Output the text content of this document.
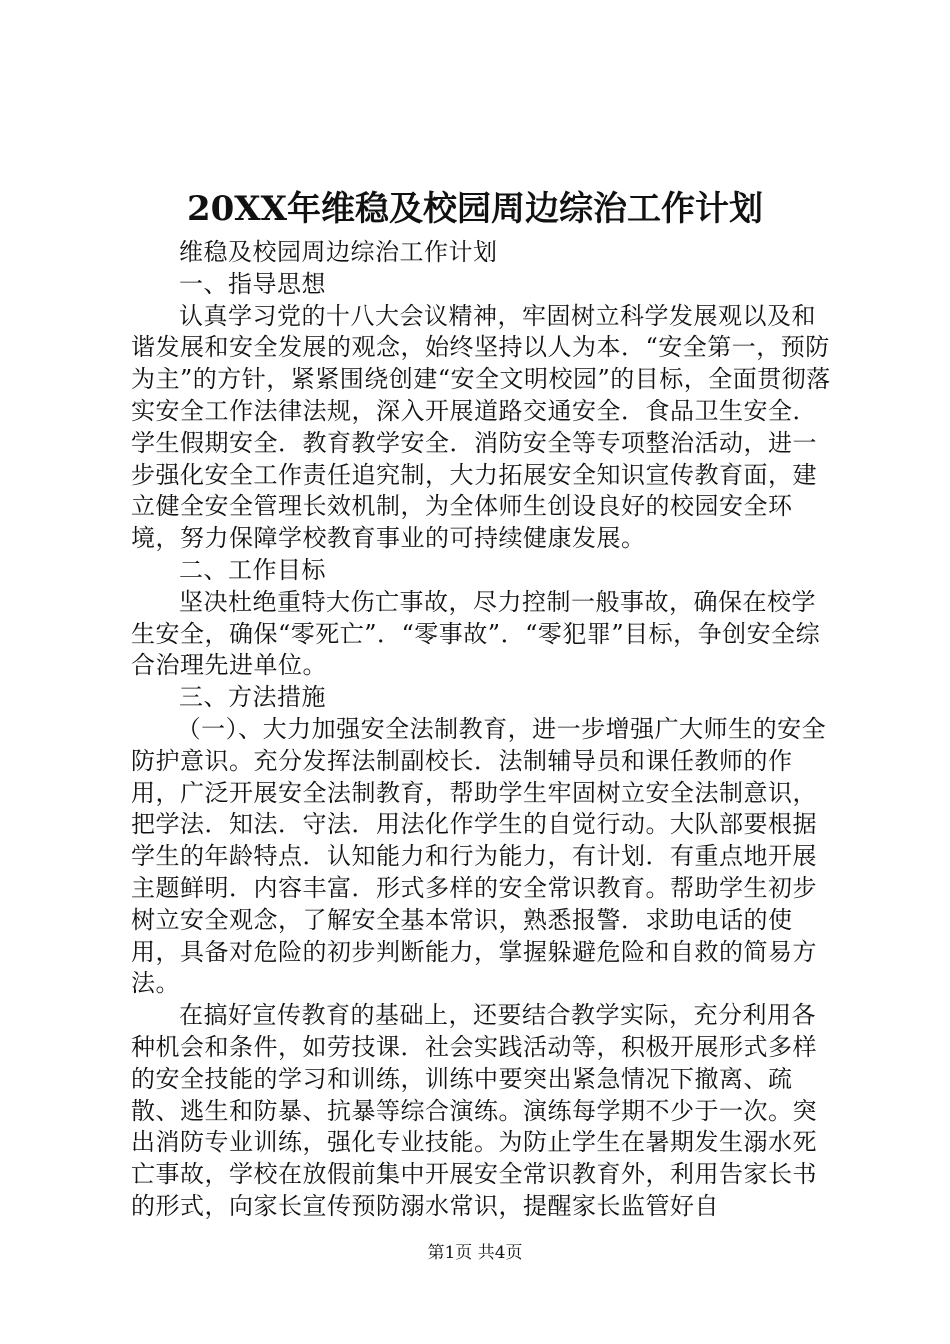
20XX年维稳及校园周边综治工作计划

维稳及校园周边综治工作计划

一、指导思想

认真学习党的十八大会议精神，牢固树立科学发展观以及和谐发展和安全发展的观念，始终坚持以人为本．“安全第一，预防为主”的方针，紧紧围绕创建“安全文明校园”的目标，全面贯彻落实安全工作法律法规，深入开展道路交通安全．食品卫生安全．学生假期安全．教育教学安全．消防安全等专项整治活动，进一步强化安全工作责任追究制，大力拓展安全知识宣传教育面，建立健全安全管理长效机制，为全体师生创设良好的校园安全环境，努力保障学校教育事业的可持续健康发展。

二、工作目标

坚决杜绝重特大伤亡事故，尽力控制一般事故，确保在校学生安全，确保“零死亡”．“零事故”．“零犯罪”目标，争创安全综合治理先进单位。

三、方法措施

（一）、大力加强安全法制教育，进一步增强广大师生的安全防护意识。充分发挥法制副校长．法制辅导员和课任教师的作用，广泛开展安全法制教育，帮助学生牢固树立安全法制意识，把学法．知法．守法．用法化作学生的自觉行动。大队部要根据学生的年龄特点．认知能力和行为能力，有计划．有重点地开展主题鲜明．内容丰富．形式多样的安全常识教育。帮助学生初步树立安全观念，了解安全基本常识，熟悉报警．求助电话的使用，具备对危险的初步判断能力，掌握躲避危险和自救的简易方法。

在搞好宣传教育的基础上，还要结合教学实际，充分利用各种机会和条件，如劳技课．社会实践活动等，积极开展形式多样的安全技能的学习和训练，训练中要突出紧急情况下撤离、疏散、逃生和防暴、抗暴等综合演练。演练每学期不少于一次。突出消防专业训练，强化专业技能。为防止学生在暑期发生溺水死亡事故，学校在放假前集中开展安全常识教育外，利用告家长书的形式，向家长宣传预防溺水常识，提醒家长监管好自

第1页 共4页
